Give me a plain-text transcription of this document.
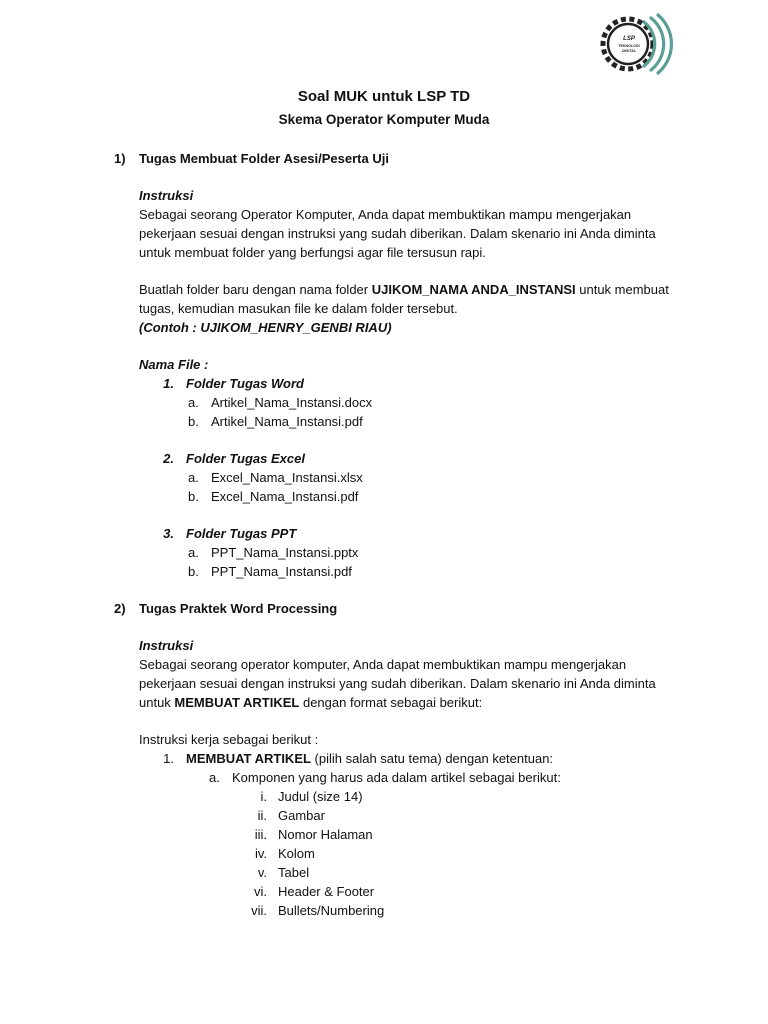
LSP
TEKNOLOGI
DIGITAL
Soal MUK untuk LSP TD
Skema Operator Komputer Muda
1) Tugas Membuat Folder Asesi/Peserta Uji
Instruksi
Sebagai seorang Operator Komputer, Anda dapat membuktikan mampu mengerjakan
pekerjaan sesuai dengan instruksi yang sudah diberikan. Dalam skenario ini Anda diminta
untuk membuat folder yang berfungsi agar file tersusun rapi.
Buatlah folder baru dengan nama folder UJIKOM_NAMA ANDA_INSTANSI untuk membuat
tugas, kemudian masukan file ke dalam folder tersebut.
(Contoh : UJIKOM_HENRY_GENBI RIAU)
Nama File :
1. Folder Tugas Word
a. Artikel_Nama_Instansi.docx
b. Artikel_Nama_Instansi.pdf
2. Folder Tugas Excel
a. Excel_Nama_Instansi.xlsx
b. Excel_Nama_Instansi.pdf
3. Folder Tugas PPT
a. PPT_Nama_Instansi.pptx
b. PPT_Nama_Instansi.pdf
2) Tugas Praktek Word Processing
Instruksi
Sebagai seorang operator komputer, Anda dapat membuktikan mampu mengerjakan
pekerjaan sesuai dengan instruksi yang sudah diberikan. Dalam skenario ini Anda diminta
untuk MEMBUAT ARTIKEL dengan format sebagai berikut:
Instruksi kerja sebagai berikut :
1. MEMBUAT ARTIKEL (pilih salah satu tema) dengan ketentuan:
a. Komponen yang harus ada dalam artikel sebagai berikut:
i. Judul (size 14)
ii. Gambar
iii. Nomor Halaman
iv. Kolom
v. Tabel
vi. Header & Footer
vii. Bullets/Numbering
